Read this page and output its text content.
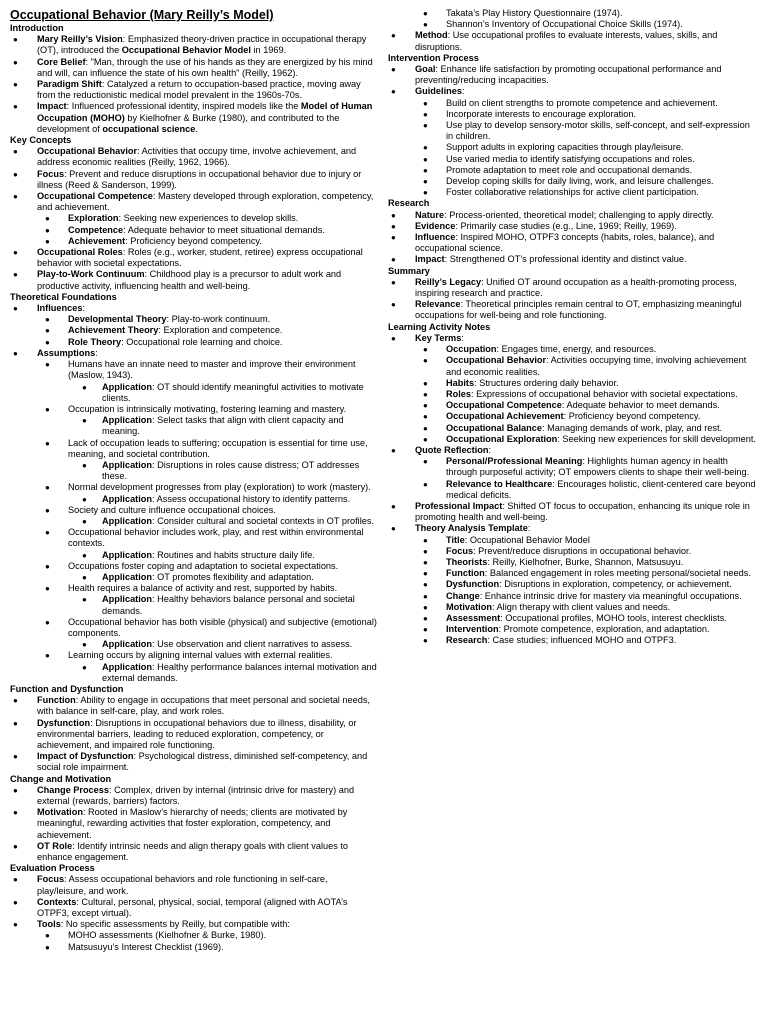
Occupational Behavior (Mary Reilly’s Model)
Introduction
● Mary Reilly’s Vision: Emphasized theory-driven practice in occupational therapy (OT), introduced the Occupational Behavior Model in 1969.
● Core Belief: "Man, through the use of his hands as they are energized by his mind and will, can influence the state of his own health" (Reilly, 1962).
● Paradigm Shift: Catalyzed a return to occupation-based practice, moving away from the reductionistic medical model prevalent in the 1960s-70s.
● Impact: Influenced professional identity, inspired models like the Model of Human Occupation (MOHO) by Kielhofner & Burke (1980), and contributed to the development of occupational science.
Key Concepts
● Occupational Behavior: Activities that occupy time, involve achievement, and address economic realities (Reilly, 1962, 1966).
● Focus: Prevent and reduce disruptions in occupational behavior due to injury or illness (Reed & Sanderson, 1999).
● Occupational Competence: Mastery developed through exploration, competency, and achievement.
● Exploration: Seeking new experiences to develop skills.
● Competence: Adequate behavior to meet situational demands.
● Achievement: Proficiency beyond competency.
● Occupational Roles: Roles (e.g., worker, student, retiree) express occupational behavior with societal expectations.
● Play-to-Work Continuum: Childhood play is a precursor to adult work and productive activity, influencing health and well-being.
Theoretical Foundations
● Influences:
● Developmental Theory: Play-to-work continuum.
● Achievement Theory: Exploration and competence.
● Role Theory: Occupational role learning and choice.
● Assumptions:
● Humans have an innate need to master and improve their environment (Maslow, 1943).
● Application: OT should identify meaningful activities to motivate clients.
● Occupation is intrinsically motivating, fostering learning and mastery.
● Application: Select tasks that align with client capacity and meaning.
● Lack of occupation leads to suffering; occupation is essential for time use, meaning, and societal contribution.
● Application: Disruptions in roles cause distress; OT addresses these.
● Normal development progresses from play (exploration) to work (mastery).
● Application: Assess occupational history to identify patterns.
● Society and culture influence occupational choices.
● Application: Consider cultural and societal contexts in OT profiles.
● Occupational behavior includes work, play, and rest within environmental contexts.
● Application: Routines and habits structure daily life.
● Occupations foster coping and adaptation to societal expectations.
● Application: OT promotes flexibility and adaptation.
● Health requires a balance of activity and rest, supported by habits.
● Application: Healthy behaviors balance personal and societal demands.
● Occupational behavior has both visible (physical) and subjective (emotional) components.
● Application: Use observation and client narratives to assess.
● Learning occurs by aligning internal values with external realities.
● Application: Healthy performance balances internal motivation and external demands.
Function and Dysfunction
● Function: Ability to engage in occupations that meet personal and societal needs, with balance in self-care, play, and work roles.
● Dysfunction: Disruptions in occupational behaviors due to illness, disability, or environmental barriers, leading to reduced exploration, competency, or achievement, and impaired role functioning.
● Impact of Dysfunction: Psychological distress, diminished self-competency, and social role impairment.
Change and Motivation
● Change Process: Complex, driven by internal (intrinsic drive for mastery) and external (rewards, barriers) factors.
● Motivation: Rooted in Maslow’s hierarchy of needs; clients are motivated by meaningful, rewarding activities that foster exploration, competency, and achievement.
● OT Role: Identify intrinsic needs and align therapy goals with client values to enhance engagement.
Evaluation Process
● Focus: Assess occupational behaviors and role functioning in self-care, play/leisure, and work.
● Contexts: Cultural, personal, physical, social, temporal (aligned with AOTA’s OTPF3, except virtual).
● Tools: No specific assessments by Reilly, but compatible with:
● MOHO assessments (Kielhofner & Burke, 1980).
● Matsusuyu’s Interest Checklist (1969).
● Takata’s Play History Questionnaire (1974).
● Shannon’s Inventory of Occupational Choice Skills (1974).
● Method: Use occupational profiles to evaluate interests, values, skills, and disruptions.
Intervention Process
● Goal: Enhance life satisfaction by promoting occupational performance and preventing/reducing incapacities.
● Guidelines:
● Build on client strengths to promote competence and achievement.
● Incorporate interests to encourage exploration.
● Use play to develop sensory-motor skills, self-concept, and self-expression in children.
● Support adults in exploring capacities through play/leisure.
● Use varied media to identify satisfying occupations and roles.
● Promote adaptation to meet role and occupational demands.
● Develop coping skills for daily living, work, and leisure challenges.
● Foster collaborative relationships for active client participation.
Research
● Nature: Process-oriented, theoretical model; challenging to apply directly.
● Evidence: Primarily case studies (e.g., Line, 1969; Reilly, 1969).
● Influence: Inspired MOHO, OTPF3 concepts (habits, roles, balance), and occupational science.
● Impact: Strengthened OT’s professional identity and distinct value.
Summary
● Reilly’s Legacy: Unified OT around occupation as a health-promoting process, inspiring research and practice.
● Relevance: Theoretical principles remain central to OT, emphasizing meaningful occupations for well-being and role functioning.
Learning Activity Notes
● Key Terms:
● Occupation: Engages time, energy, and resources.
● Occupational Behavior: Activities occupying time, involving achievement and economic realities.
● Habits: Structures ordering daily behavior.
● Roles: Expressions of occupational behavior with societal expectations.
● Occupational Competence: Adequate behavior to meet demands.
● Occupational Achievement: Proficiency beyond competency.
● Occupational Balance: Managing demands of work, play, and rest.
● Occupational Exploration: Seeking new experiences for skill development.
● Quote Reflection:
● Personal/Professional Meaning: Highlights human agency in health through purposeful activity; OT empowers clients to shape their well-being.
● Relevance to Healthcare: Encourages holistic, client-centered care beyond medical deficits.
● Professional Impact: Shifted OT focus to occupation, enhancing its unique role in promoting health and well-being.
● Theory Analysis Template:
● Title: Occupational Behavior Model
● Focus: Prevent/reduce disruptions in occupational behavior.
● Theorists: Reilly, Kielhofner, Burke, Shannon, Matsusuyu.
● Function: Balanced engagement in roles meeting personal/societal needs.
● Dysfunction: Disruptions in exploration, competency, or achievement.
● Change: Enhance intrinsic drive for mastery via meaningful occupations.
● Motivation: Align therapy with client values and needs.
● Assessment: Occupational profiles, MOHO tools, interest checklists.
● Intervention: Promote competence, exploration, and adaptation.
● Research: Case studies; influenced MOHO and OTPF3.
